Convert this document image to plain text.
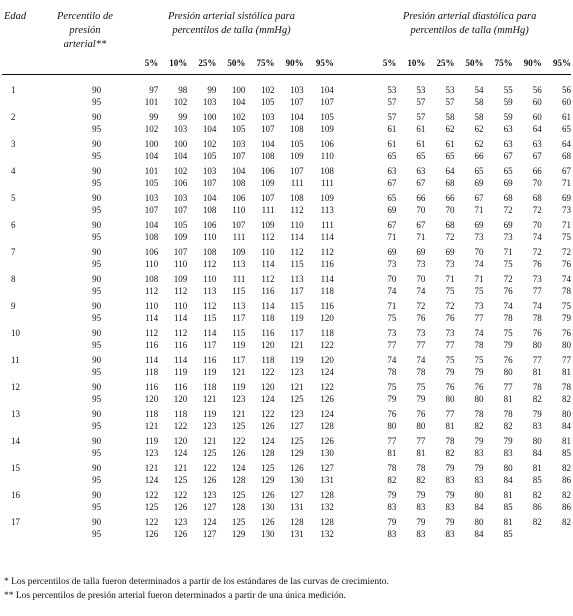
Edad	Percentilo de
presión
arterial**	Presión arterial sistólica para
percentilos de talla (mmHg)								Presión arterial diastólica para
percentilos de talla (mmHg)						
		5%	10%	25%	50%	75%	90%	95%		5%	10%	25%	50%	75%	90%	95%

1	90	97	98	99	100	102	103	104		53	53	53	54	55	56	56
	95	101	102	103	104	105	107	107		57	57	57	58	59	60	60
2	90	99	99	100	102	103	104	105		57	57	58	58	59	60	61
	95	102	103	104	105	107	108	109		61	61	62	62	63	64	65
3	90	100	100	102	103	104	105	106		61	61	61	62	63	63	64
	95	104	104	105	107	108	109	110		65	65	65	66	67	67	68
4	90	101	102	103	104	106	107	108		63	63	64	65	65	66	67
	95	105	106	107	108	109	111	111		67	67	68	69	69	70	71
5	90	103	103	104	106	107	108	109		65	66	66	67	68	68	69
	95	107	107	108	110	111	112	113		69	70	70	71	72	72	73
6	90	104	105	106	107	109	110	111		67	67	68	69	69	70	71
	95	108	109	110	111	112	114	114		71	71	72	73	73	74	75
7	90	106	107	108	109	110	112	112		69	69	69	70	71	72	72
	95	110	110	112	113	114	115	116		73	73	73	74	75	76	76
8	90	108	109	110	111	112	113	114		70	70	71	71	72	73	74
	95	112	112	113	115	116	117	118		74	74	75	75	76	77	78
9	90	110	110	112	113	114	115	116		71	72	72	73	74	74	75
	95	114	114	115	117	118	119	120		75	76	76	77	78	78	79
10	90	112	112	114	115	116	117	118		73	73	73	74	75	76	76
	95	116	116	117	119	120	121	122		77	77	77	78	79	80	80
11	90	114	114	116	117	118	119	120		74	74	75	75	76	77	77
	95	118	119	119	121	122	123	124		78	78	79	79	80	81	81
12	90	116	116	118	119	120	121	122		75	75	76	76	77	78	78
	95	120	120	121	123	124	125	126		79	79	80	80	81	82	82
13	90	118	118	119	121	122	123	124		76	76	77	78	78	79	80
	95	121	122	123	125	126	127	128		80	80	81	82	82	83	84
14	90	119	120	121	122	124	125	126		77	77	78	79	79	80	81
	95	123	124	125	126	128	129	130		81	81	82	83	83	84	85
15	90	121	121	122	124	125	126	127		78	78	79	79	80	81	82
	95	124	125	126	128	129	130	131		82	82	83	83	84	85	86
16	90	122	122	123	125	126	127	128		79	79	79	80	81	82	82
	95	125	126	127	128	130	131	132		83	83	83	84	85	86	86
17	90	122	123	124	125	126	128	128		79	79	79	80	81	82	82
	95	126	126	127	129	130	131	132		83	83	83	84	85		
* Los percentilos de talla fueron determinados a partir de los estándares de las curvas de crecimiento.
** Los percentilos de presión arterial fueron determinados a partir de una única medición.
